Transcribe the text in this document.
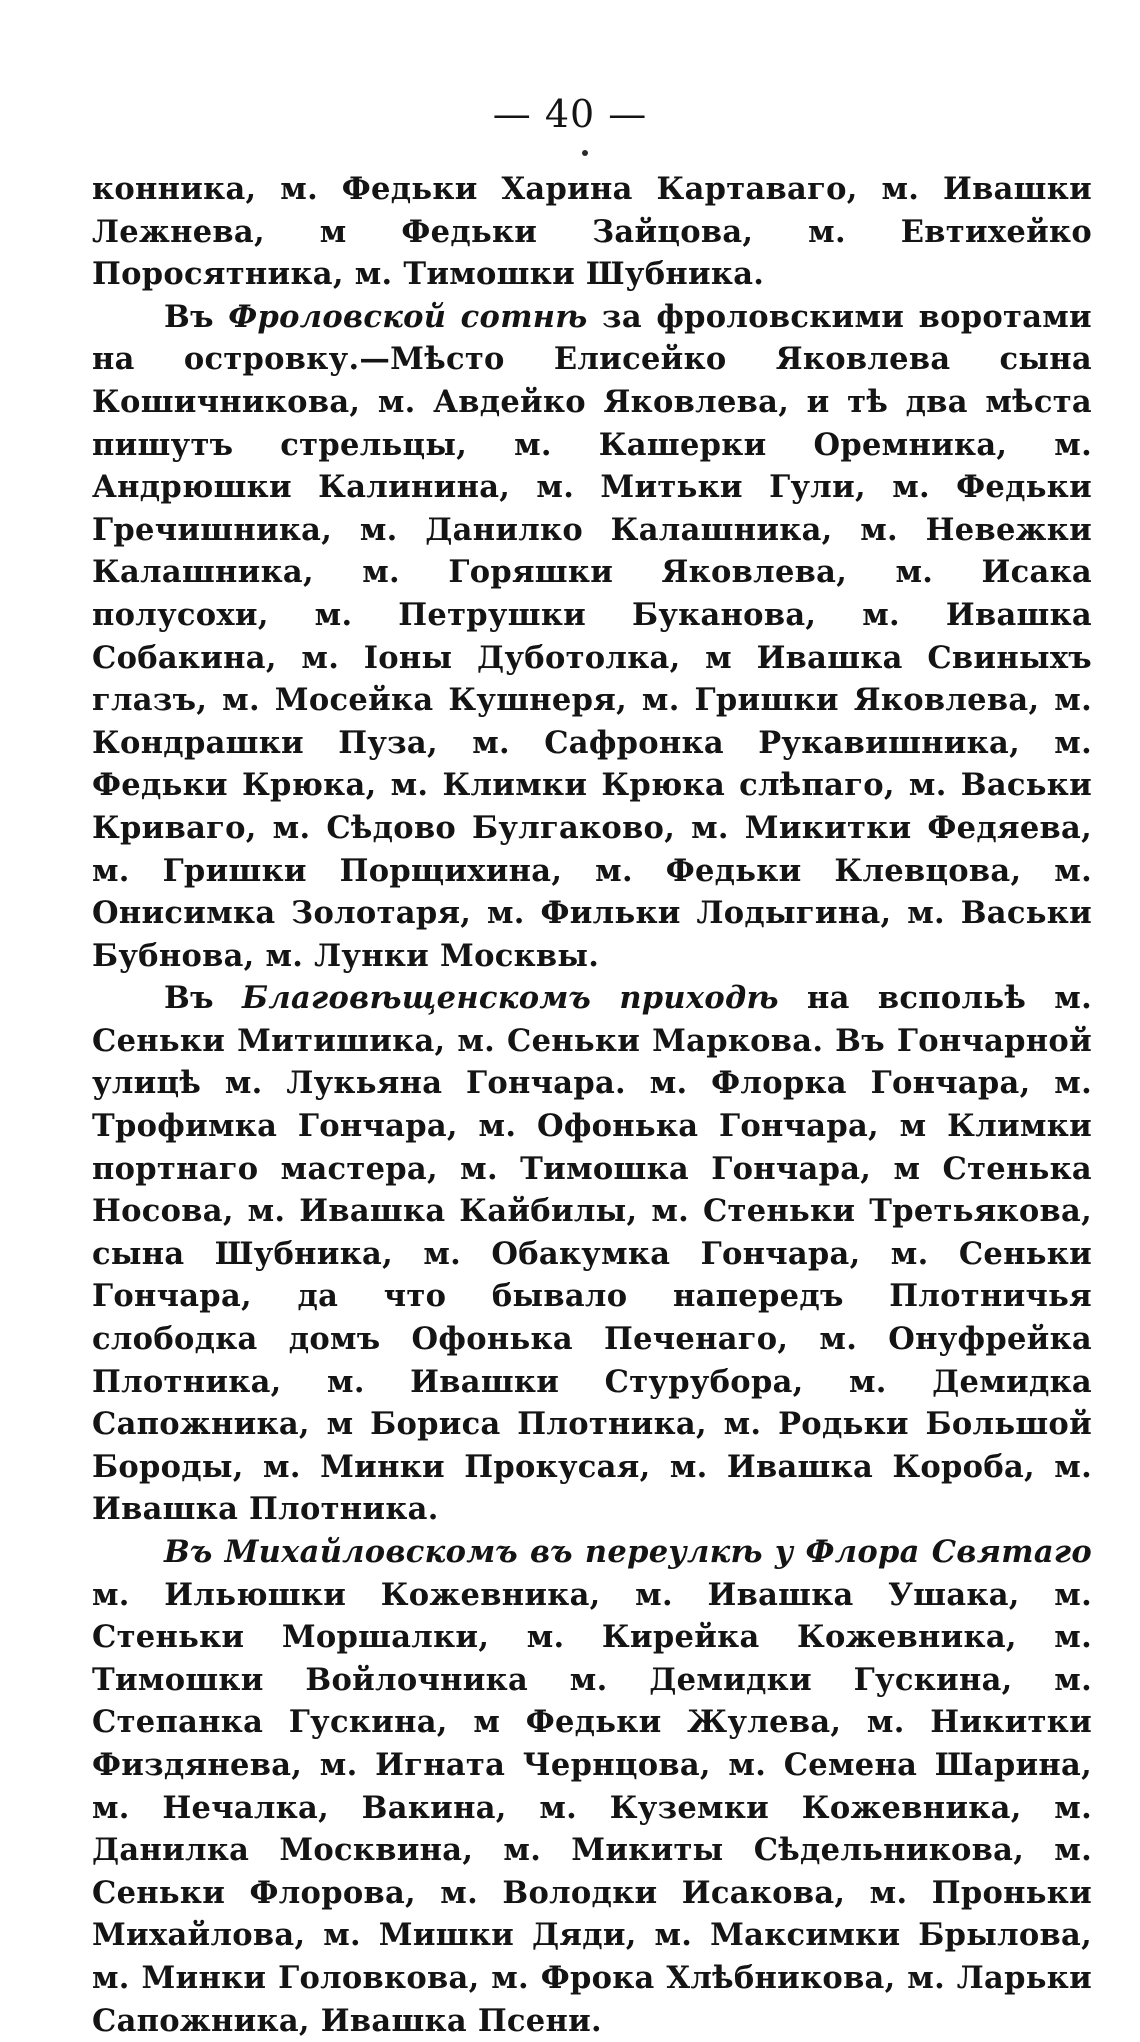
— 40 —

конника, м. Федьки Харина Картаваго, м. Ивашки Лежнева, м Федьки Зайцова, м. Евтихейко Поросятника, м. Тимошки Шубника.

Въ Фроловской сотнѣ за фроловскими воротами на островку.—Мѣсто Елисейко Яковлева сына Кошичникова, м. Авдейко Яковлева, и тѣ два мѣста пишутъ стрельцы, м. Кашерки Оремника, м. Андрюшки Калинина, м. Митьки Гули, м. Федьки Гречишника, м. Данилко Калашника, м. Невежки Калашника, м. Горяшки Яковлева, м. Исака полусохи, м. Петрушки Буканова, м. Ивашка Собакина, м. Іоны Дуботолка, м Ивашка Свиныхъ глазъ, м. Мосейка Кушнеря, м. Гришки Яковлева, м. Кондрашки Пуза, м. Сафронка Рукавишника, м. Федьки Крюка, м. Климки Крюка слѣпаго, м. Васьки Криваго, м. Сѣдово Булгаково, м. Микитки Федяева, м. Гришки Порщихина, м. Федьки Клевцова, м. Онисимка Золотаря, м. Фильки Лодыгина, м. Васьки Бубнова, м. Лунки Москвы.

Въ Благовѣщенскомъ приходѣ на вспольѣ м. Сеньки Митишика, м. Сеньки Маркова. Въ Гончарной улицѣ м. Лукьяна Гончара. м. Флорка Гончара, м. Трофимка Гончара, м. Офонька Гончара, м Климки портнаго мастера, м. Тимошка Гончара, м Стенька Носова, м. Ивашка Кайбилы, м. Стеньки Третьякова, сына Шубника, м. Обакумка Гончара, м. Сеньки Гончара, да что бывало напередъ Плотничья слободка домъ Офонька Печенаго, м. Онуфрейка Плотника, м. Ивашки Стурубора, м. Демидка Сапожника, м Бориса Плотника, м. Родьки Большой Бороды, м. Минки Прокусая, м. Ивашка Короба, м. Ивашка Плотника.

Въ Михайловскомъ въ переулкѣ у Флора Святаго м. Ильюшки Кожевника, м. Ивашка Ушака, м. Стеньки Моршалки, м. Кирейка Кожевника, м. Тимошки Войлочника м. Демидки Гускина, м. Степанка Гускина, м Федьки Жулева, м. Никитки Физдянева, м. Игната Чернцова, м. Семена Шарина, м. Нечалка, Вакина, м. Куземки Кожевника, м. Данилка Москвина, м. Микиты Сѣдельникова, м. Сеньки Флорова, м. Володки Исакова, м. Проньки Михайлова, м. Мишки Дяди, м. Максимки Брылова, м. Минки Головкова, м. Фрока Хлѣбникова, м. Ларьки Сапожника, Ивашка Псени.
